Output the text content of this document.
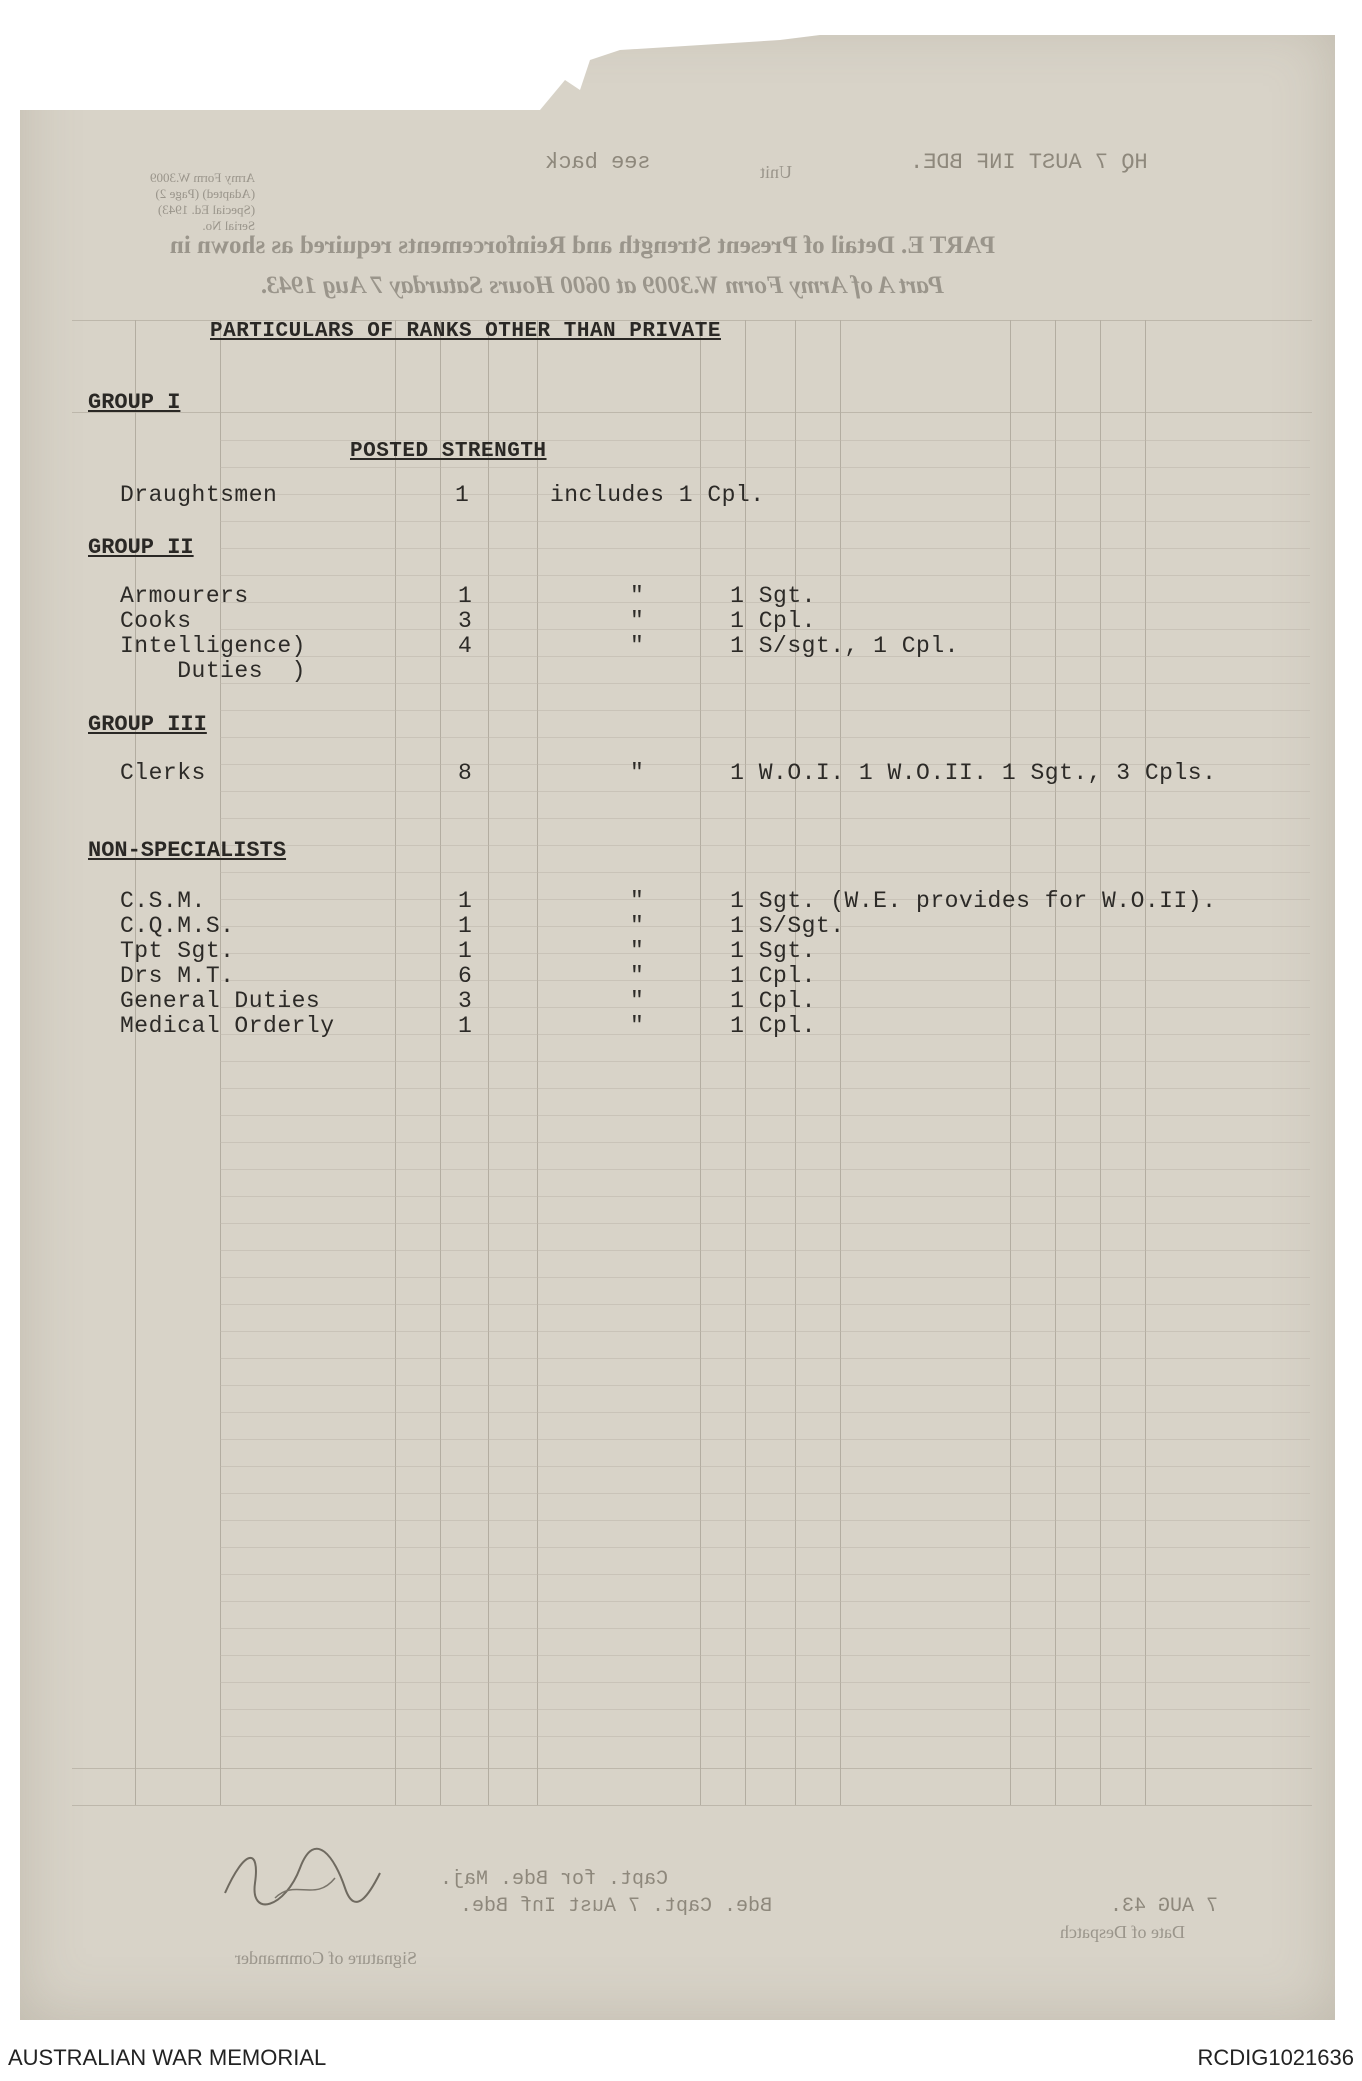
Army Form W.3009
(Adapted) (Page 2)
(Special Ed. 1943)
Serial No.
see back	Unit	HQ 7 AUST INF BDE.
PART E. Detail of Present Strength and Reinforcements required as shown in
Part A of Army Form W.3009 at 0600 Hours Saturday 7 Aug 1943.
PARTICULARS OF RANKS OTHER THAN PRIVATE
GROUP I
POSTED STRENGTH
Draughtsmen	1	includes 1 Cpl.
GROUP II
Armourers	1	"      1 Sgt.
Cooks	3	"      1 Cpl.
Intelligence)	4	"      1 S/sgt., 1 Cpl.
Duties  )
GROUP III
Clerks	8	"      1 W.O.I. 1 W.O.II. 1 Sgt., 3 Cpls.
NON-SPECIALISTS
C.S.M.	1	"      1 Sgt. (W.E. provides for W.O.II).
C.Q.M.S.	1	"      1 S/Sgt.
Tpt Sgt.	1	"      1 Sgt.
Drs M.T.	6	"      1 Cpl.
General Duties	3	"      1 Cpl.
Medical Orderly	1	"      1 Cpl.
Capt. for Bde. Maj.
Bde. Capt. 7 Aust Inf Bde.
Signature of Commander
7 AUG 43.
Date of Despatch
AUSTRALIAN WAR MEMORIAL	RCDIG1021636
